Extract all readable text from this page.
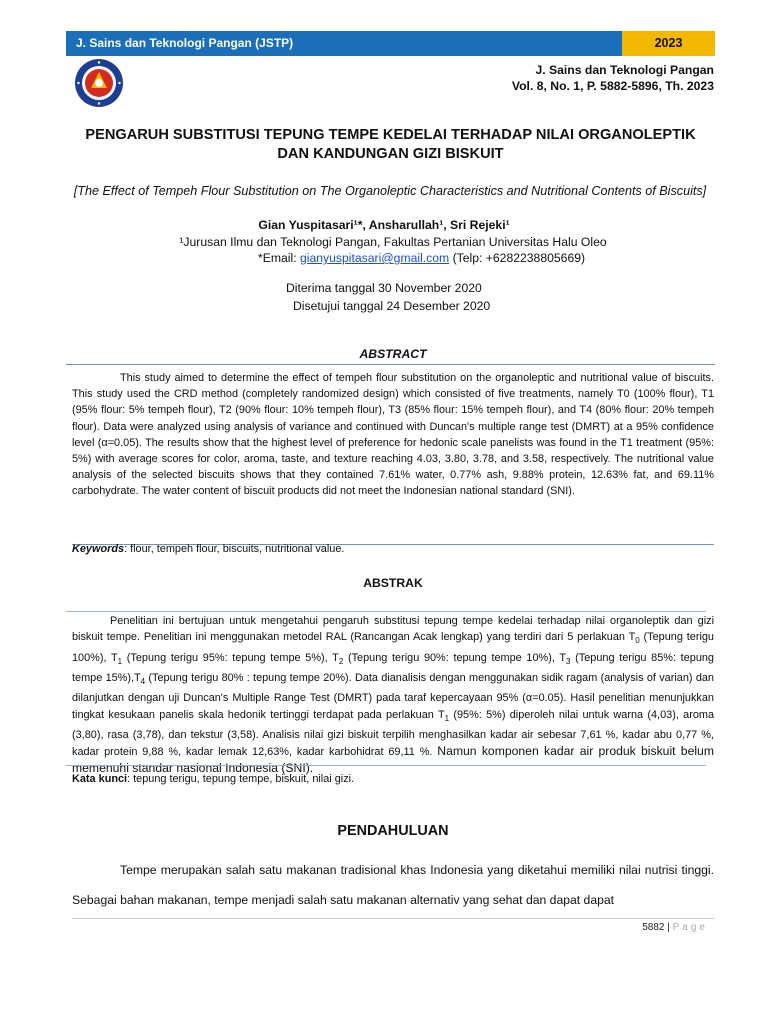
J. Sains dan Teknologi Pangan (JSTP)	2023
J. Sains dan Teknologi Pangan
Vol. 8, No. 1, P. 5882-5896, Th. 2023
PENGARUH SUBSTITUSI TEPUNG TEMPE KEDELAI TERHADAP NILAI ORGANOLEPTIK
DAN KANDUNGAN GIZI BISKUIT
[The Effect of Tempeh Flour Substitution on The Organoleptic Characteristics and Nutritional Contents of Biscuits]
Gian Yuspitasari¹*, Ansharullah¹, Sri Rejeki¹
¹Jurusan Ilmu dan Teknologi Pangan, Fakultas Pertanian Universitas Halu Oleo
*Email: gianyuspitasari@gmail.com (Telp: +6282238805669)
Diterima tanggal 30 November 2020
Disetujui tanggal 24 Desember 2020
ABSTRACT

This study aimed to determine the effect of tempeh flour substitution on the organoleptic and nutritional value of biscuits. This study used the CRD method (completely randomized design) which consisted of five treatments, namely T0 (100% flour), T1 (95% flour: 5% tempeh flour), T2 (90% flour: 10% tempeh flour), T3 (85% flour: 15% tempeh flour), and T4 (80% flour: 20% tempeh flour). Data were analyzed using analysis of variance and continued with Duncan's multiple range test (DMRT) at a 95% confidence level (α=0.05). The results show that the highest level of preference for hedonic scale panelists was found in the T1 treatment (95%: 5%) with average scores for color, aroma, taste, and texture reaching 4.03, 3.80, 3.78, and 3.58, respectively. The nutritional value analysis of the selected biscuits shows that they contained 7.61% water, 0.77% ash, 9.88% protein, 12.63% fat, and 69.11% carbohydrate. The water content of biscuit products did not meet the Indonesian national standard (SNI).

Keywords: flour, tempeh flour, biscuits, nutritional value.
ABSTRAK

Penelitian ini bertujuan untuk mengetahui pengaruh substitusi tepung tempe kedelai terhadap nilai organoleptik dan gizi biskuit tempe. Penelitian ini menggunakan metodel RAL (Rancangan Acak lengkap) yang terdiri dari 5 perlakuan $T_0$ (Tepung terigu 100%), $T_1$ (Tepung terigu 95%: tepung tempe 5%), $T_2$ (Tepung terigu 90%: tepung tempe 10%), $T_3$ (Tepung terigu 85%: tepung tempe $15\%),T_4$ (Tepung terigu 80% : tepung tempe 20%). Data dianalisis dengan menggunakan sidik ragam (analysis of varian) dan dilanjutkan dengan uji Duncan's Multiple Range Test (DMRT) pada taraf kepercayaan 95% (α=0.05). Hasil penelitian menunjukkan tingkat kesukaan panelis skala hedonik tertinggi terdapat pada perlakuan $T_1$ (95%: 5%) diperoleh nilai untuk warna (4,03), aroma (3,80), rasa (3,78), dan tekstur (3,58). Analisis nilai gizi biskuit terpilih menghasilkan kadar air sebesar 7,61 %, kadar abu 0,77 %, kadar protein 9,88 %, kadar lemak 12,63%, kadar karbohidrat 69,11 %. Namun komponen kadar air produk biskuit belum memenuhi standar nasional Indonesia (SNI).

Kata kunci: tepung terigu, tepung tempe, biskuit, nilai gizi.
PENDAHULUAN

Tempe merupakan salah satu makanan tradisional khas Indonesia yang diketahui memiliki nilai nutrisi tinggi. Sebagai bahan makanan, tempe menjadi salah satu makanan alternativ yang sehat dan dapat dapat

5882 | Page
